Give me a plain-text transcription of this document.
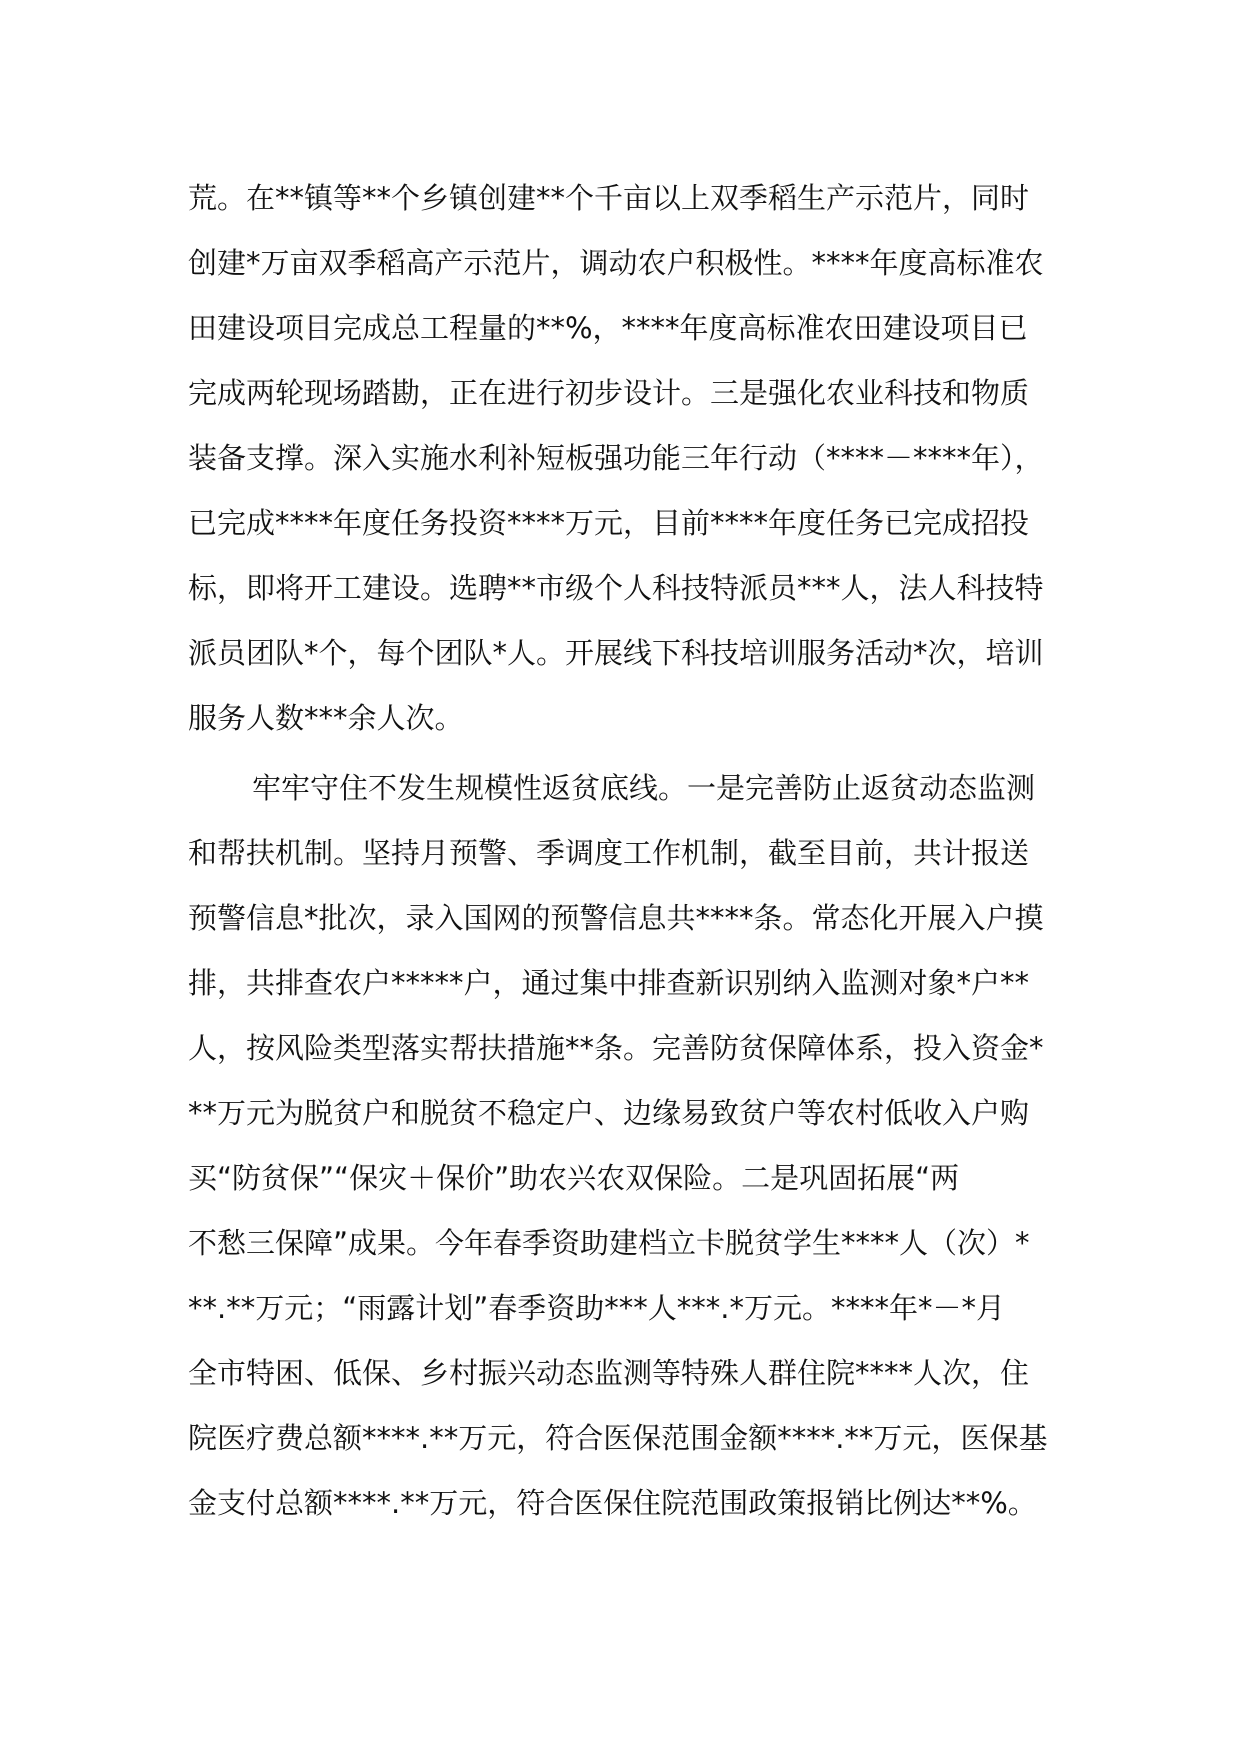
荒。在**镇等**个乡镇创建**个千亩以上双季稻生产示范片，同时
创建*万亩双季稻高产示范片，调动农户积极性。****年度高标准农
田建设项目完成总工程量的**%，****年度高标准农田建设项目已
完成两轮现场踏勘，正在进行初步设计。三是强化农业科技和物质
装备支撑。深入实施水利补短板强功能三年行动（****－****年），
已完成****年度任务投资****万元，目前****年度任务已完成招投
标，即将开工建设。选聘**市级个人科技特派员***人，法人科技特
派员团队*个，每个团队*人。开展线下科技培训服务活动*次，培训
服务人数***余人次。
牢牢守住不发生规模性返贫底线。一是完善防止返贫动态监测
和帮扶机制。坚持月预警、季调度工作机制，截至目前，共计报送
预警信息*批次，录入国网的预警信息共****条。常态化开展入户摸
排，共排查农户*****户，通过集中排查新识别纳入监测对象*户**
人，按风险类型落实帮扶措施**条。完善防贫保障体系，投入资金*
**万元为脱贫户和脱贫不稳定户、边缘易致贫户等农村低收入户购
买“防贫保”“保灾＋保价”助农兴农双保险。二是巩固拓展“两
不愁三保障”成果。今年春季资助建档立卡脱贫学生****人（次）*
**.**万元；“雨露计划”春季资助***人***.*万元。****年*－*月
全市特困、低保、乡村振兴动态监测等特殊人群住院****人次，住
院医疗费总额****.**万元，符合医保范围金额****.**万元，医保基
金支付总额****.**万元，符合医保住院范围政策报销比例达**%。
